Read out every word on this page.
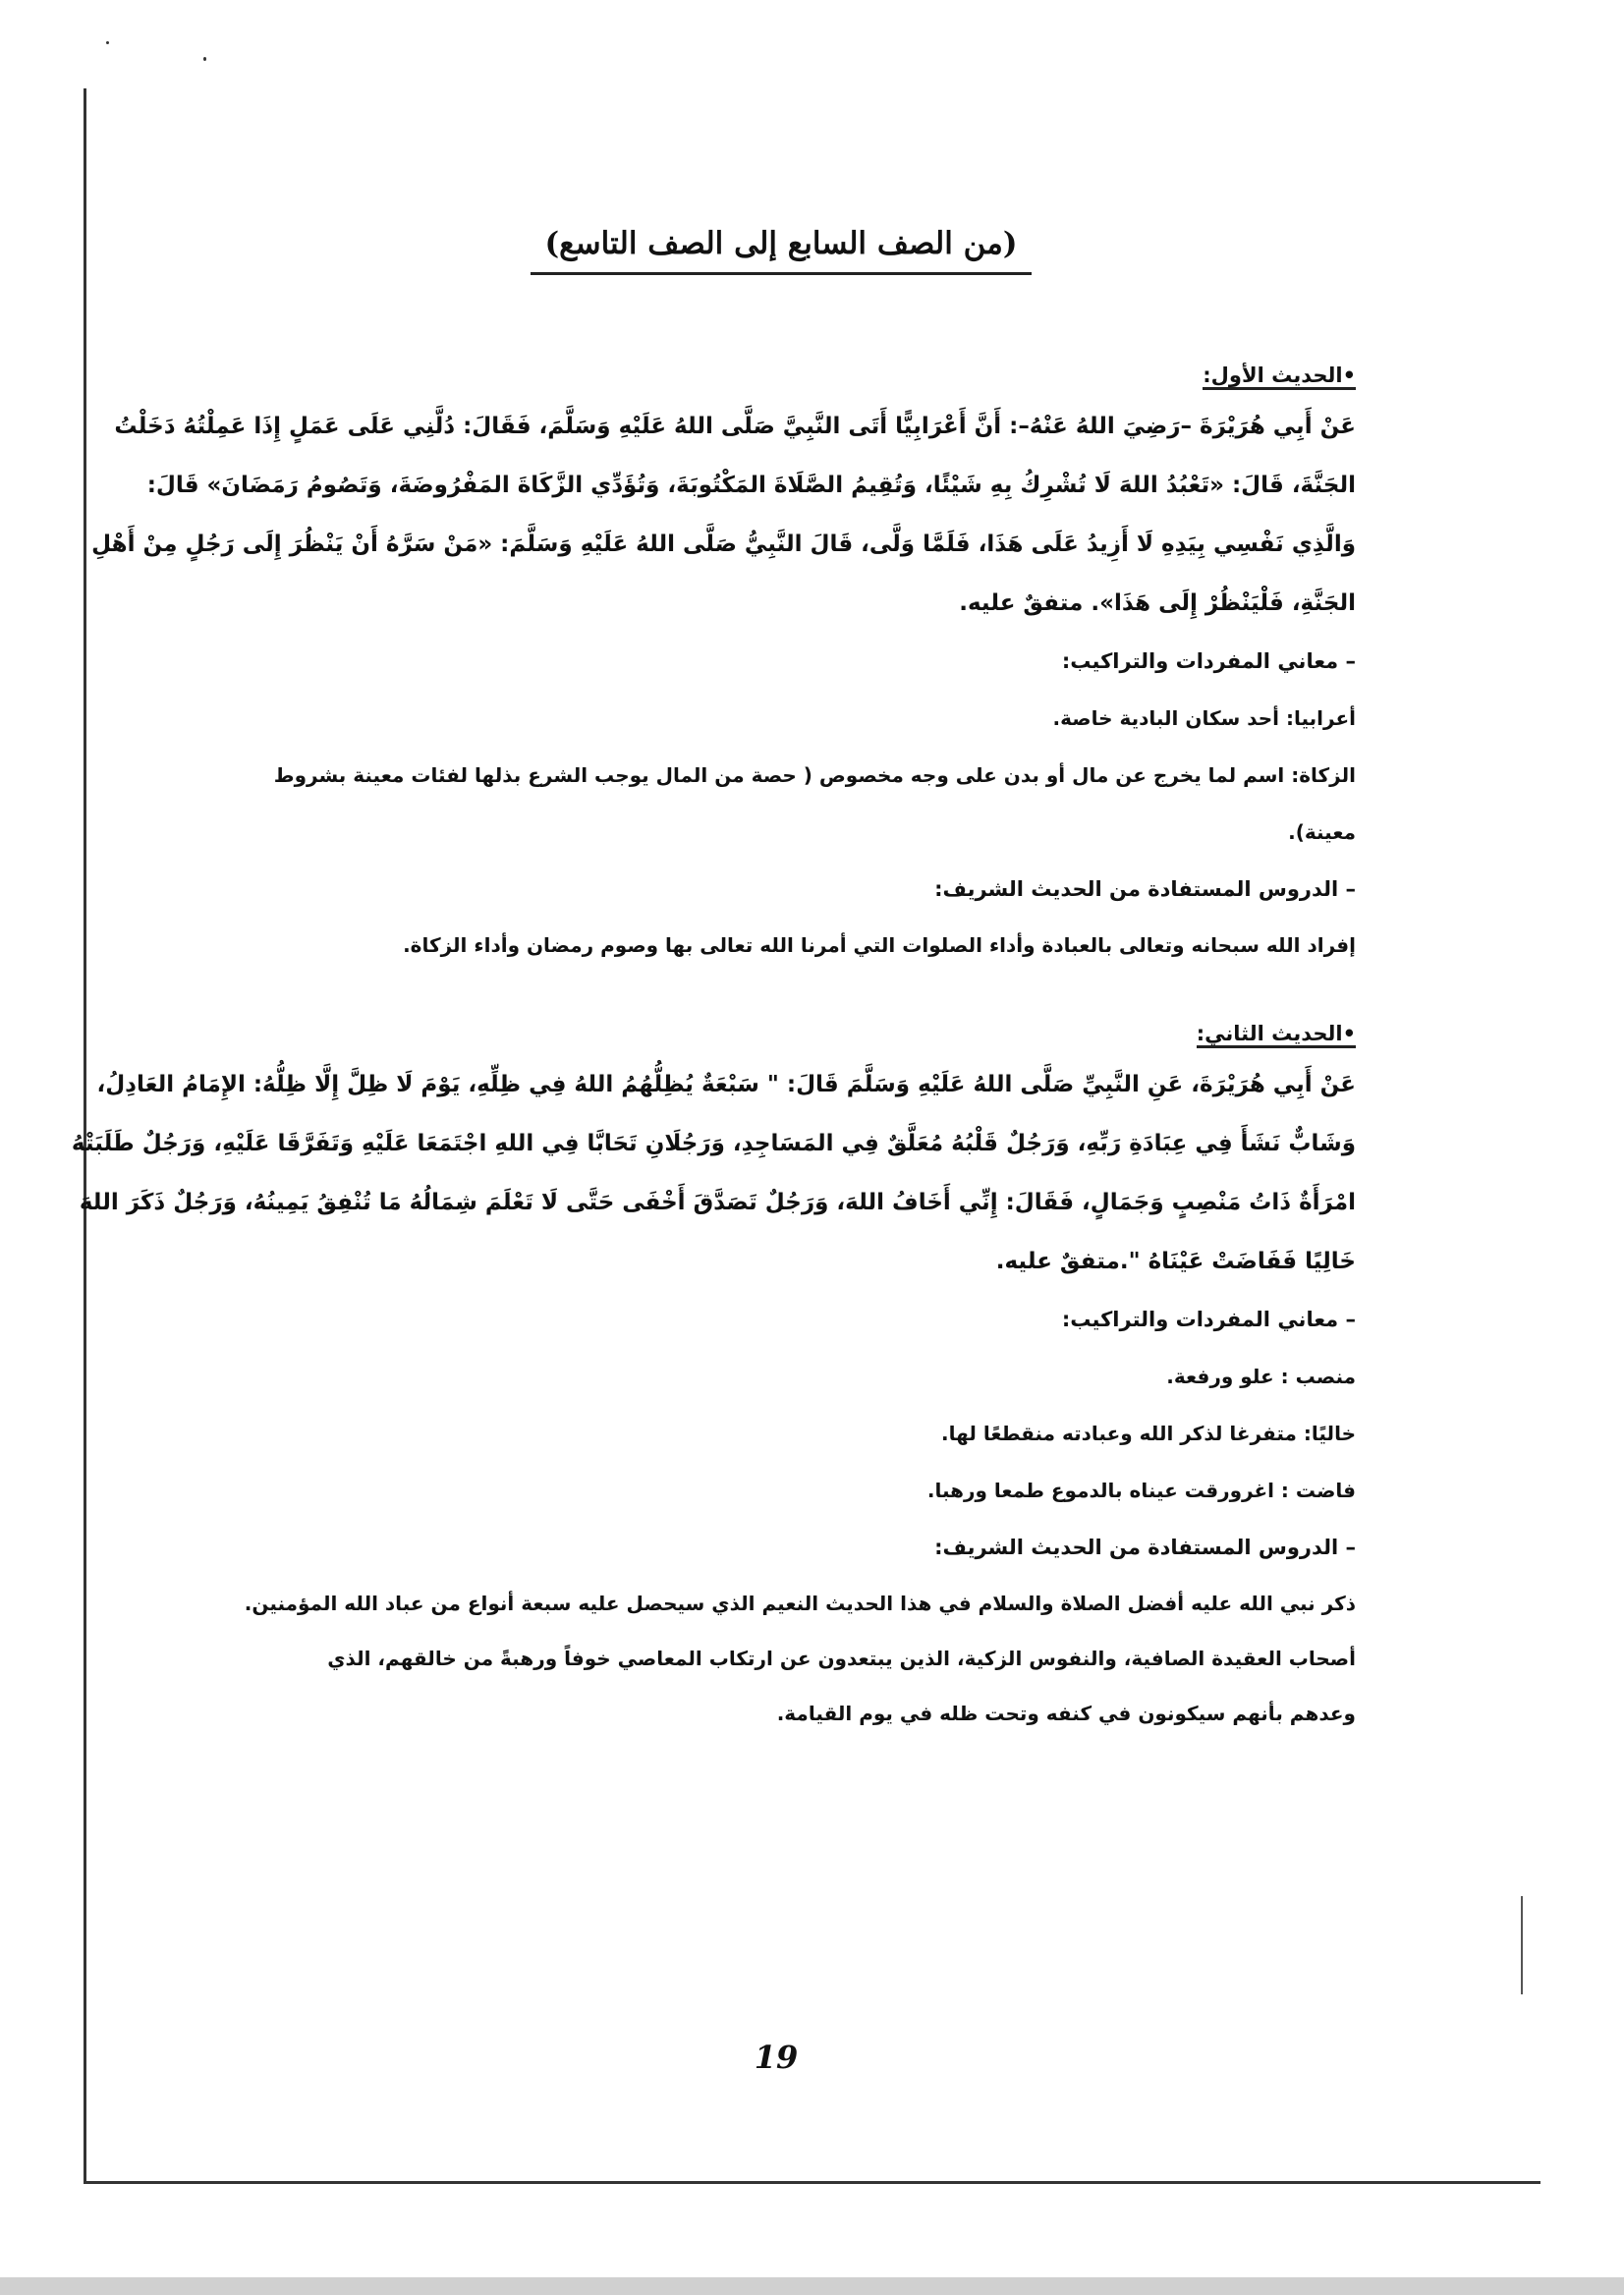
(من الصف السابع إلى الصف التاسع)
•الحديث الأول:
عَنْ أَبِي هُرَيْرَةَ –رَضِيَ اللهُ عَنْهُ–: أَنَّ أَعْرَابِيًّا أَتَى النَّبِيَّ صَلَّى اللهُ عَلَيْهِ وَسَلَّمَ، فَقَالَ: دُلَّنِي عَلَى عَمَلٍ إِذَا عَمِلْتُهُ دَخَلْتُ
الجَنَّةَ، قَالَ: «تَعْبُدُ اللهَ لَا تُشْرِكُ بِهِ شَيْئًا، وَتُقِيمُ الصَّلَاةَ المَكْتُوبَةَ، وَتُؤَدِّي الزَّكَاةَ المَفْرُوضَةَ، وَتَصُومُ رَمَضَانَ» قَالَ:
وَالَّذِي نَفْسِي بِيَدِهِ لَا أَزِيدُ عَلَى هَذَا، فَلَمَّا وَلَّى، قَالَ النَّبِيُّ صَلَّى اللهُ عَلَيْهِ وَسَلَّمَ: «مَنْ سَرَّهُ أَنْ يَنْظُرَ إِلَى رَجُلٍ مِنْ أَهْلِ
الجَنَّةِ، فَلْيَنْظُرْ إِلَى هَذَا». متفقٌ عليه.
– معاني المفردات والتراكيب:
أعرابيا: أحد سكان البادية خاصة.
الزكاة: اسم لما يخرج عن مال أو بدن على وجه مخصوص ( حصة من المال يوجب الشرع بذلها لفئات معينة بشروط
معينة).
– الدروس المستفادة من الحديث الشريف:
إفراد الله سبحانه وتعالى بالعبادة وأداء الصلوات التي أمرنا الله تعالى بها وصوم رمضان وأداء الزكاة.
•الحديث الثاني:
عَنْ أَبِي هُرَيْرَةَ، عَنِ النَّبِيِّ صَلَّى اللهُ عَلَيْهِ وَسَلَّمَ قَالَ: " سَبْعَةٌ يُظِلُّهُمُ اللهُ فِي ظِلِّهِ، يَوْمَ لَا ظِلَّ إِلَّا ظِلُّهُ: الإِمَامُ العَادِلُ،
وَشَابٌّ نَشَأَ فِي عِبَادَةِ رَبِّهِ، وَرَجُلٌ قَلْبُهُ مُعَلَّقٌ فِي المَسَاجِدِ، وَرَجُلَانِ تَحَابَّا فِي اللهِ اجْتَمَعَا عَلَيْهِ وَتَفَرَّقَا عَلَيْهِ، وَرَجُلٌ طَلَبَتْهُ
امْرَأَةٌ ذَاتُ مَنْصِبٍ وَجَمَالٍ، فَقَالَ: إِنِّي أَخَافُ اللهَ، وَرَجُلٌ تَصَدَّقَ أَخْفَى حَتَّى لَا تَعْلَمَ شِمَالُهُ مَا تُنْفِقُ يَمِينُهُ، وَرَجُلٌ ذَكَرَ اللهَ
خَالِيًا فَفَاضَتْ عَيْنَاهُ ".متفقٌ عليه.
– معاني المفردات والتراكيب:
منصب : علو ورفعة.
خاليًا: متفرغا لذكر الله وعبادته منقطعًا لها.
فاضت : اغرورقت عيناه بالدموع طمعا ورهبا.
– الدروس المستفادة من الحديث الشريف:
ذكر نبي الله عليه أفضل الصلاة والسلام في هذا الحديث النعيم الذي سيحصل عليه سبعة أنواع من عباد الله المؤمنين.
أصحاب العقيدة الصافية، والنفوس الزكية، الذين يبتعدون عن ارتكاب المعاصي خوفاً ورهبةً من خالقهم، الذي
وعدهم بأنهم سيكونون في كنفه وتحت ظله في يوم القيامة.
19
